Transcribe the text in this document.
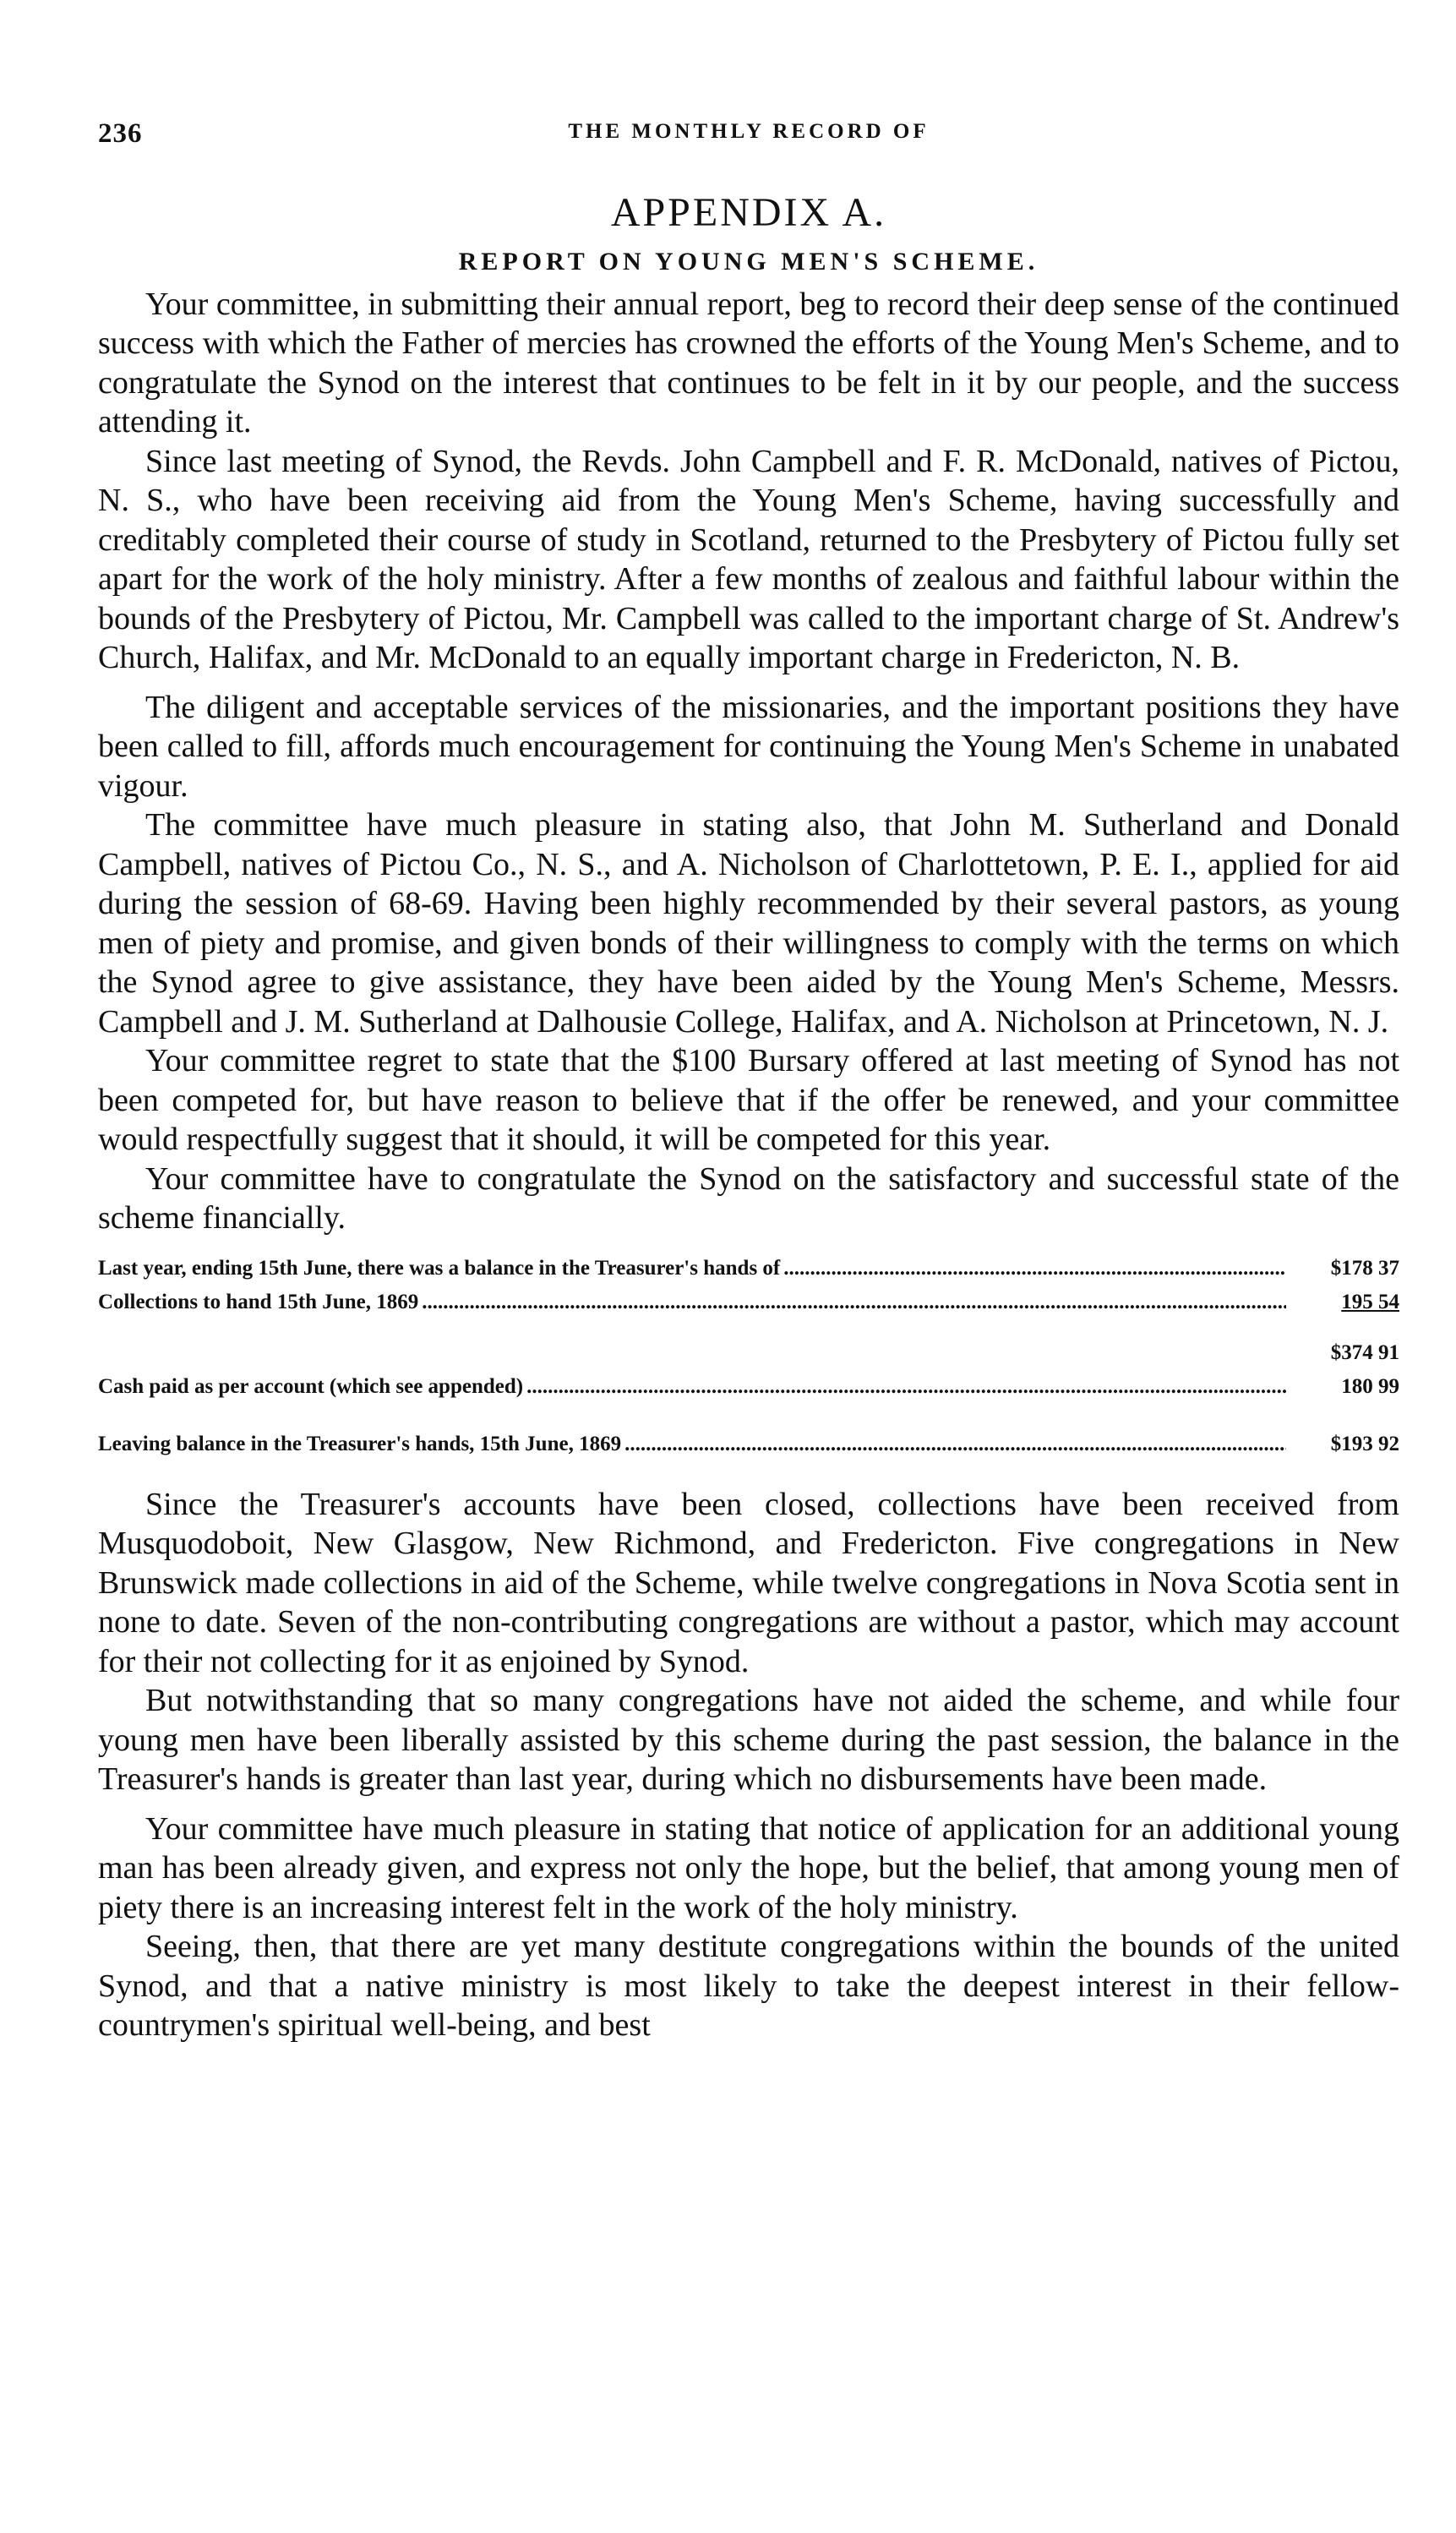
236	THE MONTHLY RECORD OF
APPENDIX A.
REPORT ON YOUNG MEN'S SCHEME.

Your committee, in submitting their annual report, beg to record their deep sense of the continued success with which the Father of mercies has crowned the efforts of the Young Men's Scheme, and to congratulate the Synod on the interest that continues to be felt in it by our people, and the success attending it.

Since last meeting of Synod, the Revds. John Campbell and F. R. McDonald, natives of Pictou, N. S., who have been receiving aid from the Young Men's Scheme, having successfully and creditably completed their course of study in Scotland, returned to the Presbytery of Pictou fully set apart for the work of the holy ministry. After a few months of zealous and faithful labour within the bounds of the Presbytery of Pictou, Mr. Campbell was called to the important charge of St. Andrew's Church, Halifax, and Mr. McDonald to an equally important charge in Fredericton, N. B.

The diligent and acceptable services of the missionaries, and the important positions they have been called to fill, affords much encouragement for continuing the Young Men's Scheme in unabated vigour.

The committee have much pleasure in stating also, that John M. Sutherland and Donald Campbell, natives of Pictou Co., N. S., and A. Nicholson of Charlottetown, P. E. I., applied for aid during the session of 68-69. Having been highly recommended by their several pastors, as young men of piety and promise, and given bonds of their willingness to comply with the terms on which the Synod agree to give assistance, they have been aided by the Young Men's Scheme, Messrs. Campbell and J. M. Sutherland at Dalhousie College, Halifax, and A. Nicholson at Princetown, N. J.

Your committee regret to state that the $100 Bursary offered at last meeting of Synod has not been competed for, but have reason to believe that if the offer be renewed, and your committee would respectfully suggest that it should, it will be competed for this year.

Your committee have to congratulate the Synod on the satisfactory and successful state of the scheme financially.

Last year, ending 15th June, there was a balance in the Treasurer's hands of .....	$178 37
Collections to hand 15th June, 1869 .....	195 54
$374 91
Cash paid as per account (which see appended) .....	180 99
Leaving balance in the Treasurer's hands, 15th June, 1869 .....	$193 92

Since the Treasurer's accounts have been closed, collections have been received from Musquodoboit, New Glasgow, New Richmond, and Fredericton. Five congregations in New Brunswick made collections in aid of the Scheme, while twelve congregations in Nova Scotia sent in none to date. Seven of the non-contributing congregations are without a pastor, which may account for their not collecting for it as enjoined by Synod.

But notwithstanding that so many congregations have not aided the scheme, and while four young men have been liberally assisted by this scheme during the past session, the balance in the Treasurer's hands is greater than last year, during which no disbursements have been made.

Your committee have much pleasure in stating that notice of application for an additional young man has been already given, and express not only the hope, but the belief, that among young men of piety there is an increasing interest felt in the work of the holy ministry.

Seeing, then, that there are yet many destitute congregations within the bounds of the united Synod, and that a native ministry is most likely to take the deepest interest in their fellow-countrymen's spiritual well-being, and best
